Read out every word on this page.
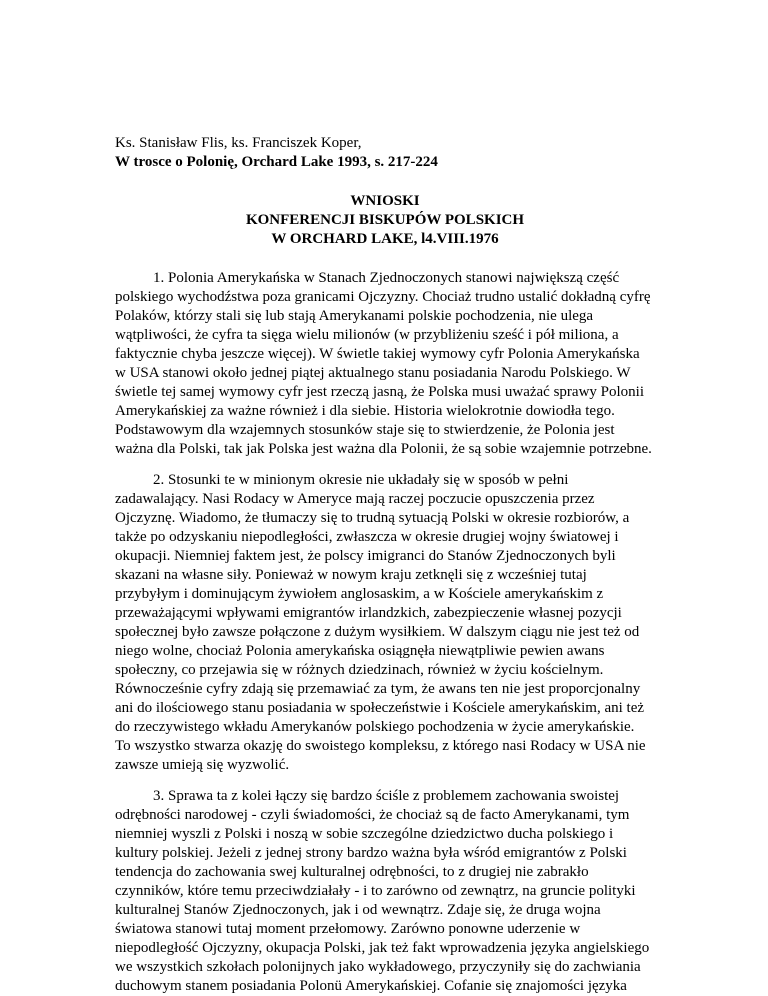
Ks. Stanisław Flis, ks. Franciszek Koper,
W trosce o Polonię, Orchard Lake 1993, s. 217-224
WNIOSKI
KONFERENCJI BISKUPÓW POLSKICH
W ORCHARD LAKE, l4.VIII.1976

1. Polonia Amerykańska w Stanach Zjednoczonych stanowi największą część
polskiego wychodźstwa poza granicami Ojczyzny. Chociaż trudno ustalić dokładną cyfrę
Polaków, którzy stali się lub stają Amerykanami polskie pochodzenia, nie ulega
wątpliwości, że cyfra ta sięga wielu milionów (w przybliżeniu sześć i pół miliona, a
faktycznie chyba jeszcze więcej). W świetle takiej wymowy cyfr Polonia Amerykańska
w USA stanowi około jednej piątej aktualnego stanu posiadania Narodu Polskiego. W
świetle tej samej wymowy cyfr jest rzeczą jasną, że Polska musi uważać sprawy Polonii
Amerykańskiej za ważne również i dla siebie. Historia wielokrotnie dowiodła tego.
Podstawowym dla wzajemnych stosunków staje się to stwierdzenie, że Polonia jest
ważna dla Polski, tak jak Polska jest ważna dla Polonii, że są sobie wzajemnie potrzebne.

2. Stosunki te w minionym okresie nie układały się w sposób w pełni
zadawalający. Nasi Rodacy w Ameryce mają raczej poczucie opuszczenia przez
Ojczyznę. Wiadomo, że tłumaczy się to trudną sytuacją Polski w okresie rozbiorów, a
także po odzyskaniu niepodległości, zwłaszcza w okresie drugiej wojny światowej i
okupacji. Niemniej faktem jest, że polscy imigranci do Stanów Zjednoczonych byli
skazani na własne siły. Ponieważ w nowym kraju zetknęli się z wcześniej tutaj
przybyłym i dominującym żywiołem anglosaskim, a w Kościele amerykańskim z
przeważającymi wpływami emigrantów irlandzkich, zabezpieczenie własnej pozycji
społecznej było zawsze połączone z dużym wysiłkiem. W dalszym ciągu nie jest też od
niego wolne, chociaż Polonia amerykańska osiągnęła niewątpliwie pewien awans
społeczny, co przejawia się w różnych dziedzinach, również w życiu kościelnym.
Równocześnie cyfry zdają się przemawiać za tym, że awans ten nie jest proporcjonalny
ani do ilościowego stanu posiadania w społeczeństwie i Kościele amerykańskim, ani też
do rzeczywistego wkładu Amerykanów polskiego pochodzenia w życie amerykańskie.
To wszystko stwarza okazję do swoistego kompleksu, z którego nasi Rodacy w USA nie
zawsze umieją się wyzwolić.

3. Sprawa ta z kolei łączy się bardzo ściśle z problemem zachowania swoistej
odrębności narodowej - czyli świadomości, że chociaż są de facto Amerykanami, tym
niemniej wyszli z Polski i noszą w sobie szczególne dziedzictwo ducha polskiego i
kultury polskiej. Jeżeli z jednej strony bardzo ważna była wśród emigrantów z Polski
tendencja do zachowania swej kulturalnej odrębności, to z drugiej nie zabrakło
czynników, które temu przeciwdziałały - i to zarówno od zewnątrz, na gruncie polityki
kulturalnej Stanów Zjednoczonych, jak i od wewnątrz. Zdaje się, że druga wojna
światowa stanowi tutaj moment przełomowy. Zarówno ponowne uderzenie w
niepodległość Ojczyzny, okupacja Polski, jak też fakt wprowadzenia języka angielskiego
we wszystkich szkołach polonijnych jako wykładowego, przyczyniły się do zachwiania
duchowym stanem posiadania Polonü Amerykańskiej. Cofanie się znajomości języka
